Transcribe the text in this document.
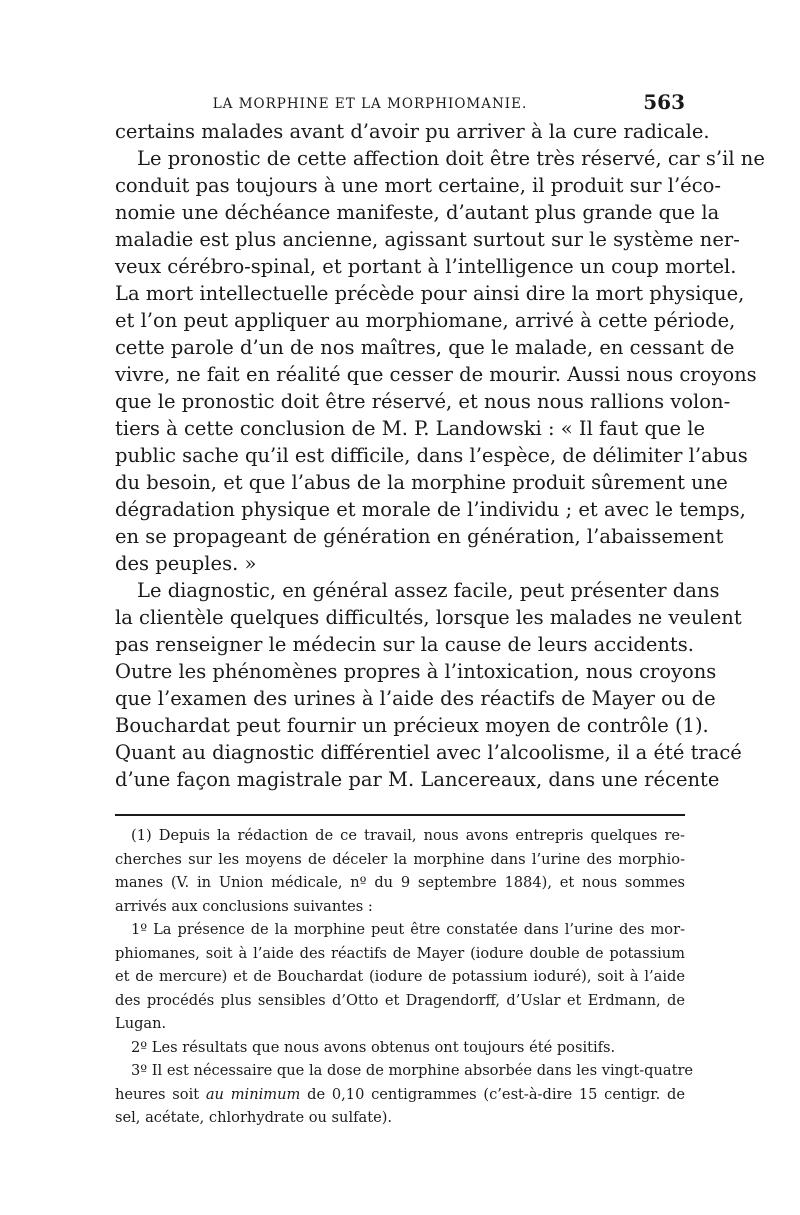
LA MORPHINE ET LA MORPHIOMANIE.	563
certains malades avant d’avoir pu arriver à la cure radicale.
Le pronostic de cette affection doit être très réservé, car s’il ne
conduit pas toujours à une mort certaine, il produit sur l’éco-
nomie une déchéance manifeste, d’autant plus grande que la
maladie est plus ancienne, agissant surtout sur le système ner-
veux cérébro-spinal, et portant à l’intelligence un coup mortel.
La mort intellectuelle précède pour ainsi dire la mort physique,
et l’on peut appliquer au morphiomane, arrivé à cette période,
cette parole d’un de nos maîtres, que le malade, en cessant de
vivre, ne fait en réalité que cesser de mourir. Aussi nous croyons
que le pronostic doit être réservé, et nous nous rallions volon-
tiers à cette conclusion de M. P. Landowski : « Il faut que le
public sache qu’il est difficile, dans l’espèce, de délimiter l’abus
du besoin, et que l’abus de la morphine produit sûrement une
dégradation physique et morale de l’individu ; et avec le temps,
en se propageant de génération en génération, l’abaissement
des peuples. »
Le diagnostic, en général assez facile, peut présenter dans
la clientèle quelques difficultés, lorsque les malades ne veulent
pas renseigner le médecin sur la cause de leurs accidents.
Outre les phénomènes propres à l’intoxication, nous croyons
que l’examen des urines à l’aide des réactifs de Mayer ou de
Bouchardat peut fournir un précieux moyen de contrôle (1).
Quant au diagnostic différentiel avec l’alcoolisme, il a été tracé
d’une façon magistrale par M. Lancereaux, dans une récente
(1) Depuis la rédaction de ce travail, nous avons entrepris quelques re-
cherches sur les moyens de déceler la morphine dans l’urine des morphio-
manes (V. in Union médicale, nº du 9 septembre 1884), et nous sommes
arrivés aux conclusions suivantes :
1º La présence de la morphine peut être constatée dans l’urine des mor-
phiomanes, soit à l’aide des réactifs de Mayer (iodure double de potassium
et de mercure) et de Bouchardat (iodure de potassium ioduré), soit à l’aide
des procédés plus sensibles d’Otto et Dragendorff, d’Uslar et Erdmann, de
Lugan.
2º Les résultats que nous avons obtenus ont toujours été positifs.
3º Il est nécessaire que la dose de morphine absorbée dans les vingt-quatre
heures soit au minimum de 0,10 centigrammes (c’est-à-dire 15 centigr. de
sel, acétate, chlorhydrate ou sulfate).
